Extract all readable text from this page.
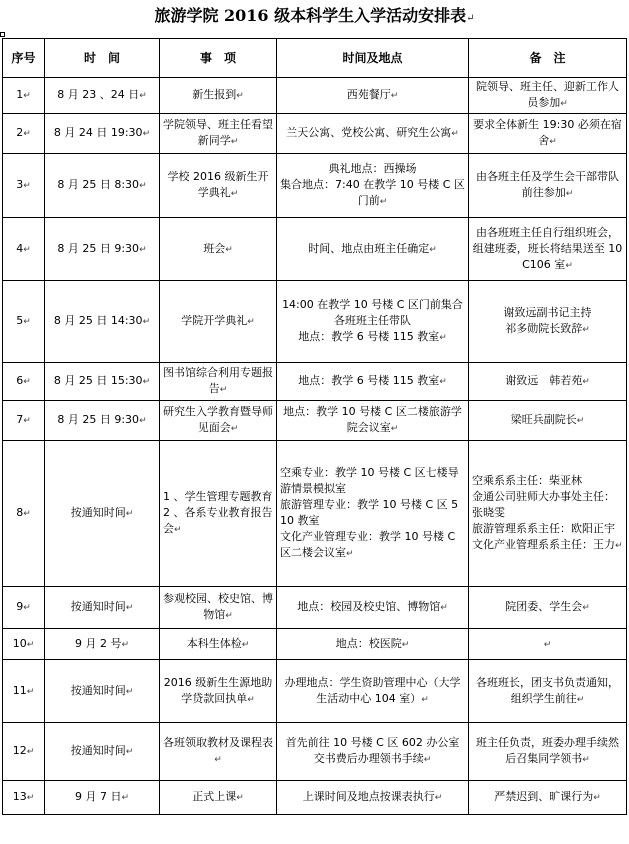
旅游学院 2016 级本科学生入学活动安排表↵
序号	时　间	事　项	时间及地点	备　注
1↵	8 月 23 、24 日↵	新生报到↵	西苑餐厅↵	院领导、班主任、迎新工作人员参加↵
2↵	8 月 24 日 19:30↵	学院领导、班主任看望新同学↵	兰天公寓、党校公寓、研究生公寓↵	要求全体新生 19:30 必须在宿舍↵
3↵	8 月 25 日 8:30↵	学校 2016 级新生开学典礼↵	典礼地点：西操场
集合地点：7:40 在教学 10 号楼 C 区门前↵	由各班主任及学生会干部带队前往参加↵
4↵	8 月 25 日 9:30↵	班会↵	时间、地点由班主任确定↵	由各班班主任自行组织班会，组建班委，班长将结果送至 10C106 室↵
5↵	8 月 25 日 14:30↵	学院开学典礼↵	14:00 在教学 10 号楼 C 区门前集合
各班班主任带队
地点：教学 6 号楼 115 教室↵	谢致远副书记主持
祁多勋院长致辞↵
6↵	8 月 25 日 15:30↵	图书馆综合利用专题报告↵	地点：教学 6 号楼 115 教室↵	谢致远　韩若苑↵
7↵	8 月 25 日 9:30↵	研究生入学教育暨导师见面会↵	地点：教学 10 号楼 C 区二楼旅游学院会议室↵	梁旺兵副院长↵
8↵	按通知时间↵	1 、学生管理专题教育
2 、各系专业教育报告会↵	空乘专业：教学 10 号楼 C 区七楼导游情景模拟室
旅游管理专业：教学 10 号楼 C 区 510 教室
文化产业管理专业：教学 10 号楼 C 区二楼会议室↵	空乘系系主任：柴亚林
金通公司驻师大办事处主任：张晓雯
旅游管理系系主任：欧阳正宇
文化产业管理系系主任：王力↵
9↵	按通知时间↵	参观校园、校史馆、博物馆↵	地点：校园及校史馆、博物馆↵	院团委、学生会↵
10↵	9 月 2 号↵	本科生体检↵	地点：校医院↵	↵
11↵	按通知时间↵	2016 级新生生源地助学贷款回执单↵	办理地点：学生资助管理中心（大学生活动中心 104 室）↵	各班班长，团支书负责通知，组织学生前往↵
12↵	按通知时间↵	各班领取教材及课程表↵	首先前往 10 号楼 C 区 602 办公室
交书费后办理领书手续↵	班主任负责，班委办理手续然后召集同学领书↵
13↵	9 月 7 日↵	正式上课↵	上课时间及地点按课表执行↵	严禁迟到、旷课行为↵
